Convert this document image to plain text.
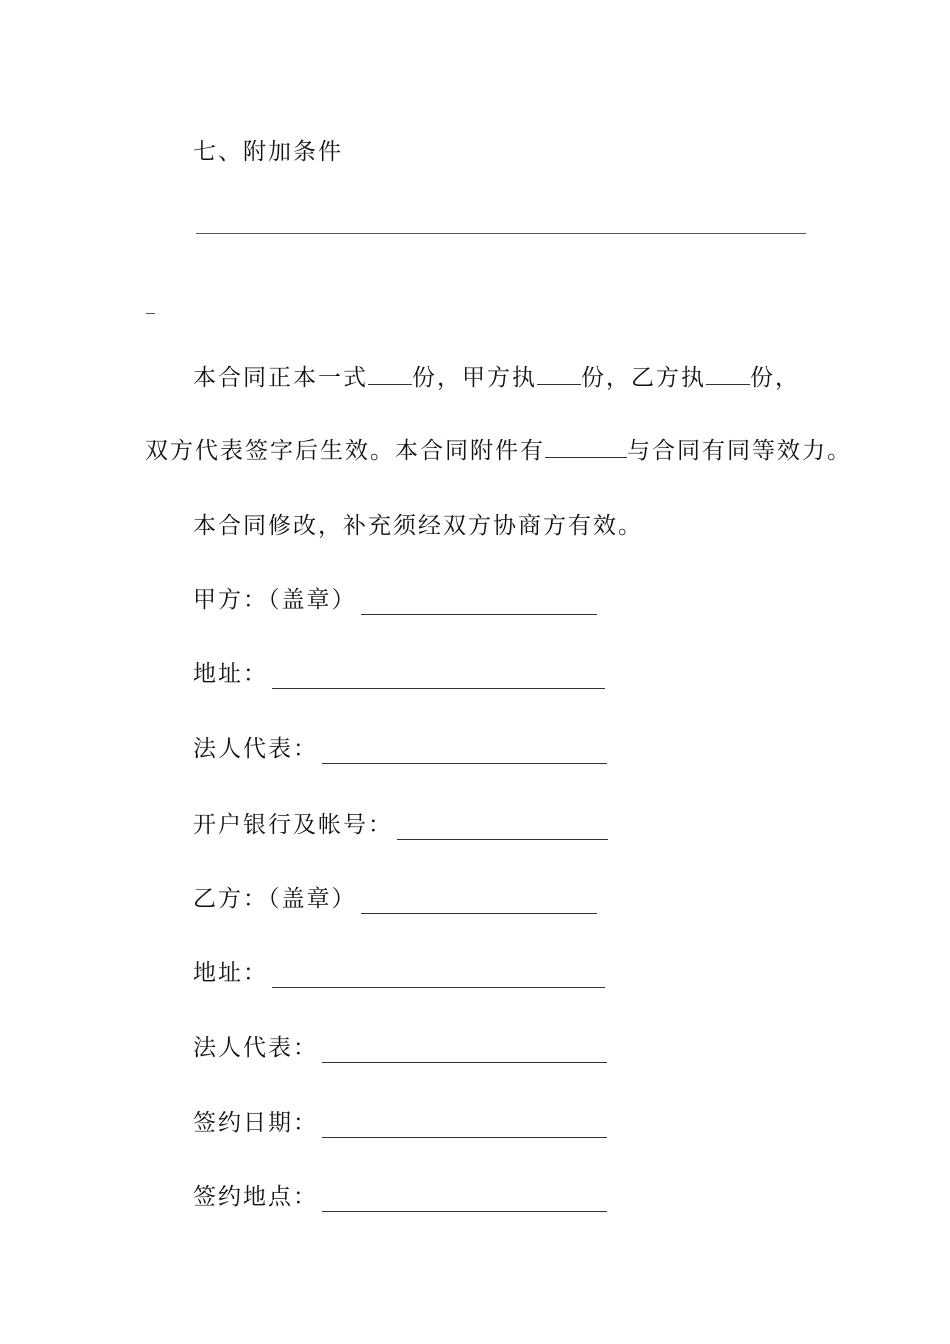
七、附加条件
本合同正本一式 份，甲方执 份，乙方执 份，
双方代表签字后生效。本合同附件有	与合同有同等效力。
本合同修改，补充须经双方协商方有效。
甲方：（盖章）
地址：
法人代表：
开户银行及帐号：
乙方：（盖章）
地址：
法人代表：
签约日期：
签约地点：
